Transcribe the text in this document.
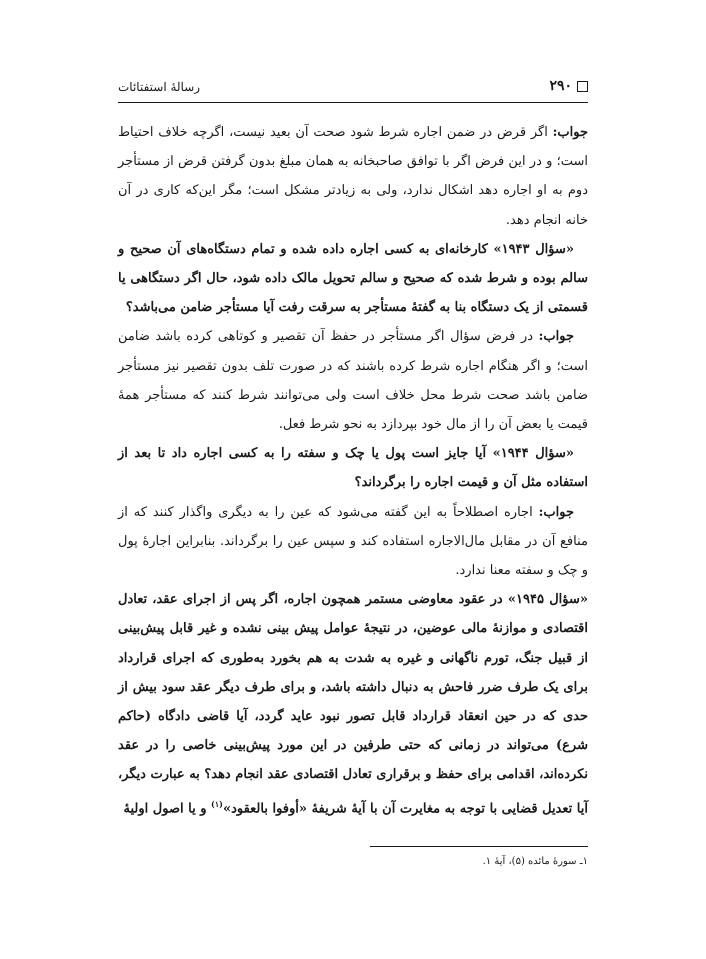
۲۹۰
رسالهٔ استفتائات

جواب: اگر قرض در ضمن اجاره شرط شود صحت آن بعید نیست، اگرچه خلاف احتیاط است؛ و در این فرض اگر با توافق صاحبخانه به همان مبلغ بدون گرفتن قرض از مستأجر دوم به او اجاره دهد اشکال ندارد، ولی به زیادتر مشکل است؛ مگر این‌که کاری در آن خانه انجام دهد.

«سؤال ۱۹۴۳» کارخانه‌ای به کسی اجاره داده شده و تمام دستگاه‌های آن صحیح و سالم بوده و شرط شده که صحیح و سالم تحویل مالک داده شود، حال اگر دستگاهی یا قسمتی از یک دستگاه بنا به گفتهٔ مستأجر به سرقت رفت آیا مستأجر ضامن می‌باشد؟

جواب: در فرض سؤال اگر مستأجر در حفظ آن تقصیر و کوتاهی کرده باشد ضامن است؛ و اگر هنگام اجاره شرط کرده باشند که در صورت تلف بدون تقصیر نیز مستأجر ضامن باشد صحت شرط محل خلاف است ولی می‌توانند شرط کنند که مستأجر همهٔ قیمت یا بعض آن را از مال خود بپردازد به نحو شرط فعل.

«سؤال ۱۹۴۴» آیا جایز است پول یا چک و سفته را به کسی اجاره داد تا بعد از استفاده مثل آن و قیمت اجاره را برگرداند؟

جواب: اجاره اصطلاحاً به این گفته می‌شود که عین را به دیگری واگذار کنند که از منافع آن در مقابل مال‌الاجاره استفاده کند و سپس عین را برگرداند. بنابراین اجارهٔ پول و چک و سفته معنا ندارد.

«سؤال ۱۹۴۵» در عقود معاوضی مستمر همچون اجاره، اگر پس از اجرای عقد، تعادل اقتصادی و موازنهٔ مالی عوضین، در نتیجهٔ عوامل پیش بینی نشده و غیر قابل پیش‌بینی از قبیل جنگ، تورم ناگهانی و غیره به شدت به هم بخورد به‌طوری که اجرای قرارداد برای یک طرف ضرر فاحش به دنبال داشته باشد، و برای طرف دیگر عقد سود بیش از حدی که در حین انعقاد قرارداد قابل تصور نبود عاید گردد، آیا قاضی دادگاه (حاکم شرع) می‌تواند در زمانی که حتی طرفین در این مورد پیش‌بینی خاصی را در عقد نکرده‌اند، اقدامی برای حفظ و برقراری تعادل اقتصادی عقد انجام دهد؟ به عبارت دیگر، آیا تعدیل قضایی با توجه به مغایرت آن با آیهٔ شریفهٔ «أوفوا بالعقود»$^{(۱)}$ و یا اصول اولیهٔ

۱ـ سورهٔ مائده (۵)، آیهٔ ۱.
